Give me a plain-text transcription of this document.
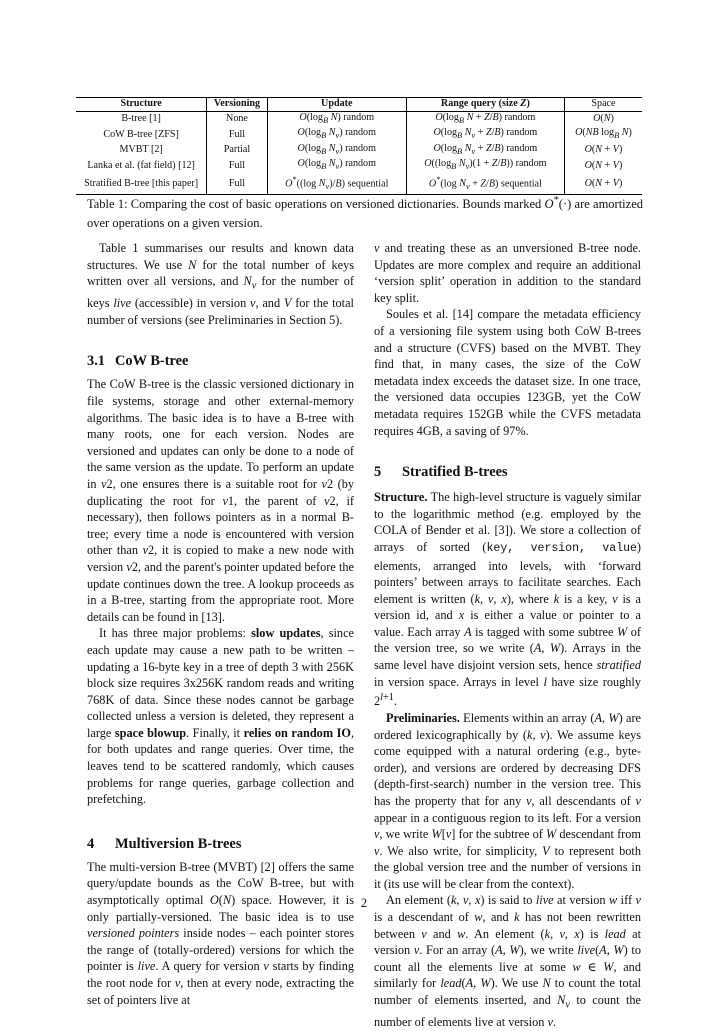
Structure	Versioning	Update	Range query (size Z)	Space
B-tree [1]	None	$O(\log_B$ N) random	$O(\log_B$ N + Z/B) random	O(N)
CoW B-tree [ZFS]	Full	$O(\log_B$ $N_v$) random	$O(\log_B$ $N_v + Z/B$) random	O(NB $\log_B N$)
MVBT [2]	Partial	$O(\log_B$ $N_v$) random	$O(\log_B$ $N_v + Z/B$) random	O(N + V)
Lanka et al. (fat field) [12]	Full	$O(\log_B$ $N_v$) random	$O((\log_B$ $N_v)(1 + Z/B)$) random	O(N + V)
Stratified B-tree [this paper]	Full	O*((log $N_v)/B$) sequential	O*(log $N_v + Z/B$) sequential	O(N + V)
Table 1: Comparing the cost of basic operations on versioned dictionaries. Bounds marked O*(·) are amortized over operations on a given version.

Table 1 summarises our results and known data structures. We use N for the total number of keys written over all versions, and $N_v$ for the number of keys live (accessible) in version v, and V for the total number of versions (see Preliminaries in Section 5).

3.1 CoW B-tree

The CoW B-tree is the classic versioned dictionary in file systems, storage and other external-memory algorithms. The basic idea is to have a B-tree with many roots, one for each version. Nodes are versioned and updates can only be done to a node of the same version as the update. To perform an update in v2, one ensures there is a suitable root for v2 (by duplicating the root for v1, the parent of v2, if necessary), then follows pointers as in a normal B-tree; every time a node is encountered with version other than v2, it is copied to make a new node with version v2, and the parent's pointer updated before the update continues down the tree. A lookup proceeds as in a B-tree, starting from the appropriate root. More details can be found in [13].

It has three major problems: slow updates, since each update may cause a new path to be written – updating a 16-byte key in a tree of depth 3 with 256K block size requires 3x256K random reads and writing 768K of data. Since these nodes cannot be garbage collected unless a version is deleted, they represent a large space blowup. Finally, it relies on random IO, for both updates and range queries. Over time, the leaves tend to be scattered randomly, which causes problems for range queries, garbage collection and prefetching.

4 Multiversion B-trees

The multi-version B-tree (MVBT) [2] offers the same query/update bounds as the CoW B-tree, but with asymptotically optimal O(N) space. However, it is only partially-versioned. The basic idea is to use versioned pointers inside nodes – each pointer stores the range of (totally-ordered) versions for which the pointer is live. A query for version v starts by finding the root node for v, then at every node, extracting the set of pointers live at

v and treating these as an unversioned B-tree node. Updates are more complex and require an additional ‘version split’ operation in addition to the standard key split.

Soules et al. [14] compare the metadata efficiency of a versioning file system using both CoW B-trees and a structure (CVFS) based on the MVBT. They find that, in many cases, the size of the CoW metadata index exceeds the dataset size. In one trace, the versioned data occupies 123GB, yet the CoW metadata requires 152GB while the CVFS metadata requires 4GB, a saving of 97%.

5 Stratified B-trees

Structure. The high-level structure is vaguely similar to the logarithmic method (e.g. employed by the COLA of Bender et al. [3]). We store a collection of arrays of sorted (key, version, value) elements, arranged into levels, with ‘forward pointers’ between arrays to facilitate searches. Each element is written (k, v, x), where k is a key, v is a version id, and x is either a value or pointer to a value. Each array A is tagged with some subtree W of the version tree, so we write (A, W). Arrays in the same level have disjoint version sets, hence stratified in version space. Arrays in level l have size roughly $2^{l+1}$.

Preliminaries. Elements within an array (A, W) are ordered lexicographically by (k, v). We assume keys come equipped with a natural ordering (e.g., byte-order), and versions are ordered by decreasing DFS (depth-first-search) number in the version tree. This has the property that for any v, all descendants of v appear in a contiguous region to its left. For a version v, we write W[v] for the subtree of W descendant from v. We also write, for simplicity, V to represent both the global version tree and the number of versions in it (its use will be clear from the context).

An element (k, v, x) is said to live at version w iff v is a descendant of w, and k has not been rewritten between v and w. An element (k, v, x) is lead at version v. For an array (A, W), we write live(A, W) to count all the elements live at some w ∈ W, and similarly for lead(A, W). We use N to count the total number of elements inserted, and $N_v$ to count the number of elements live at version v.

2
